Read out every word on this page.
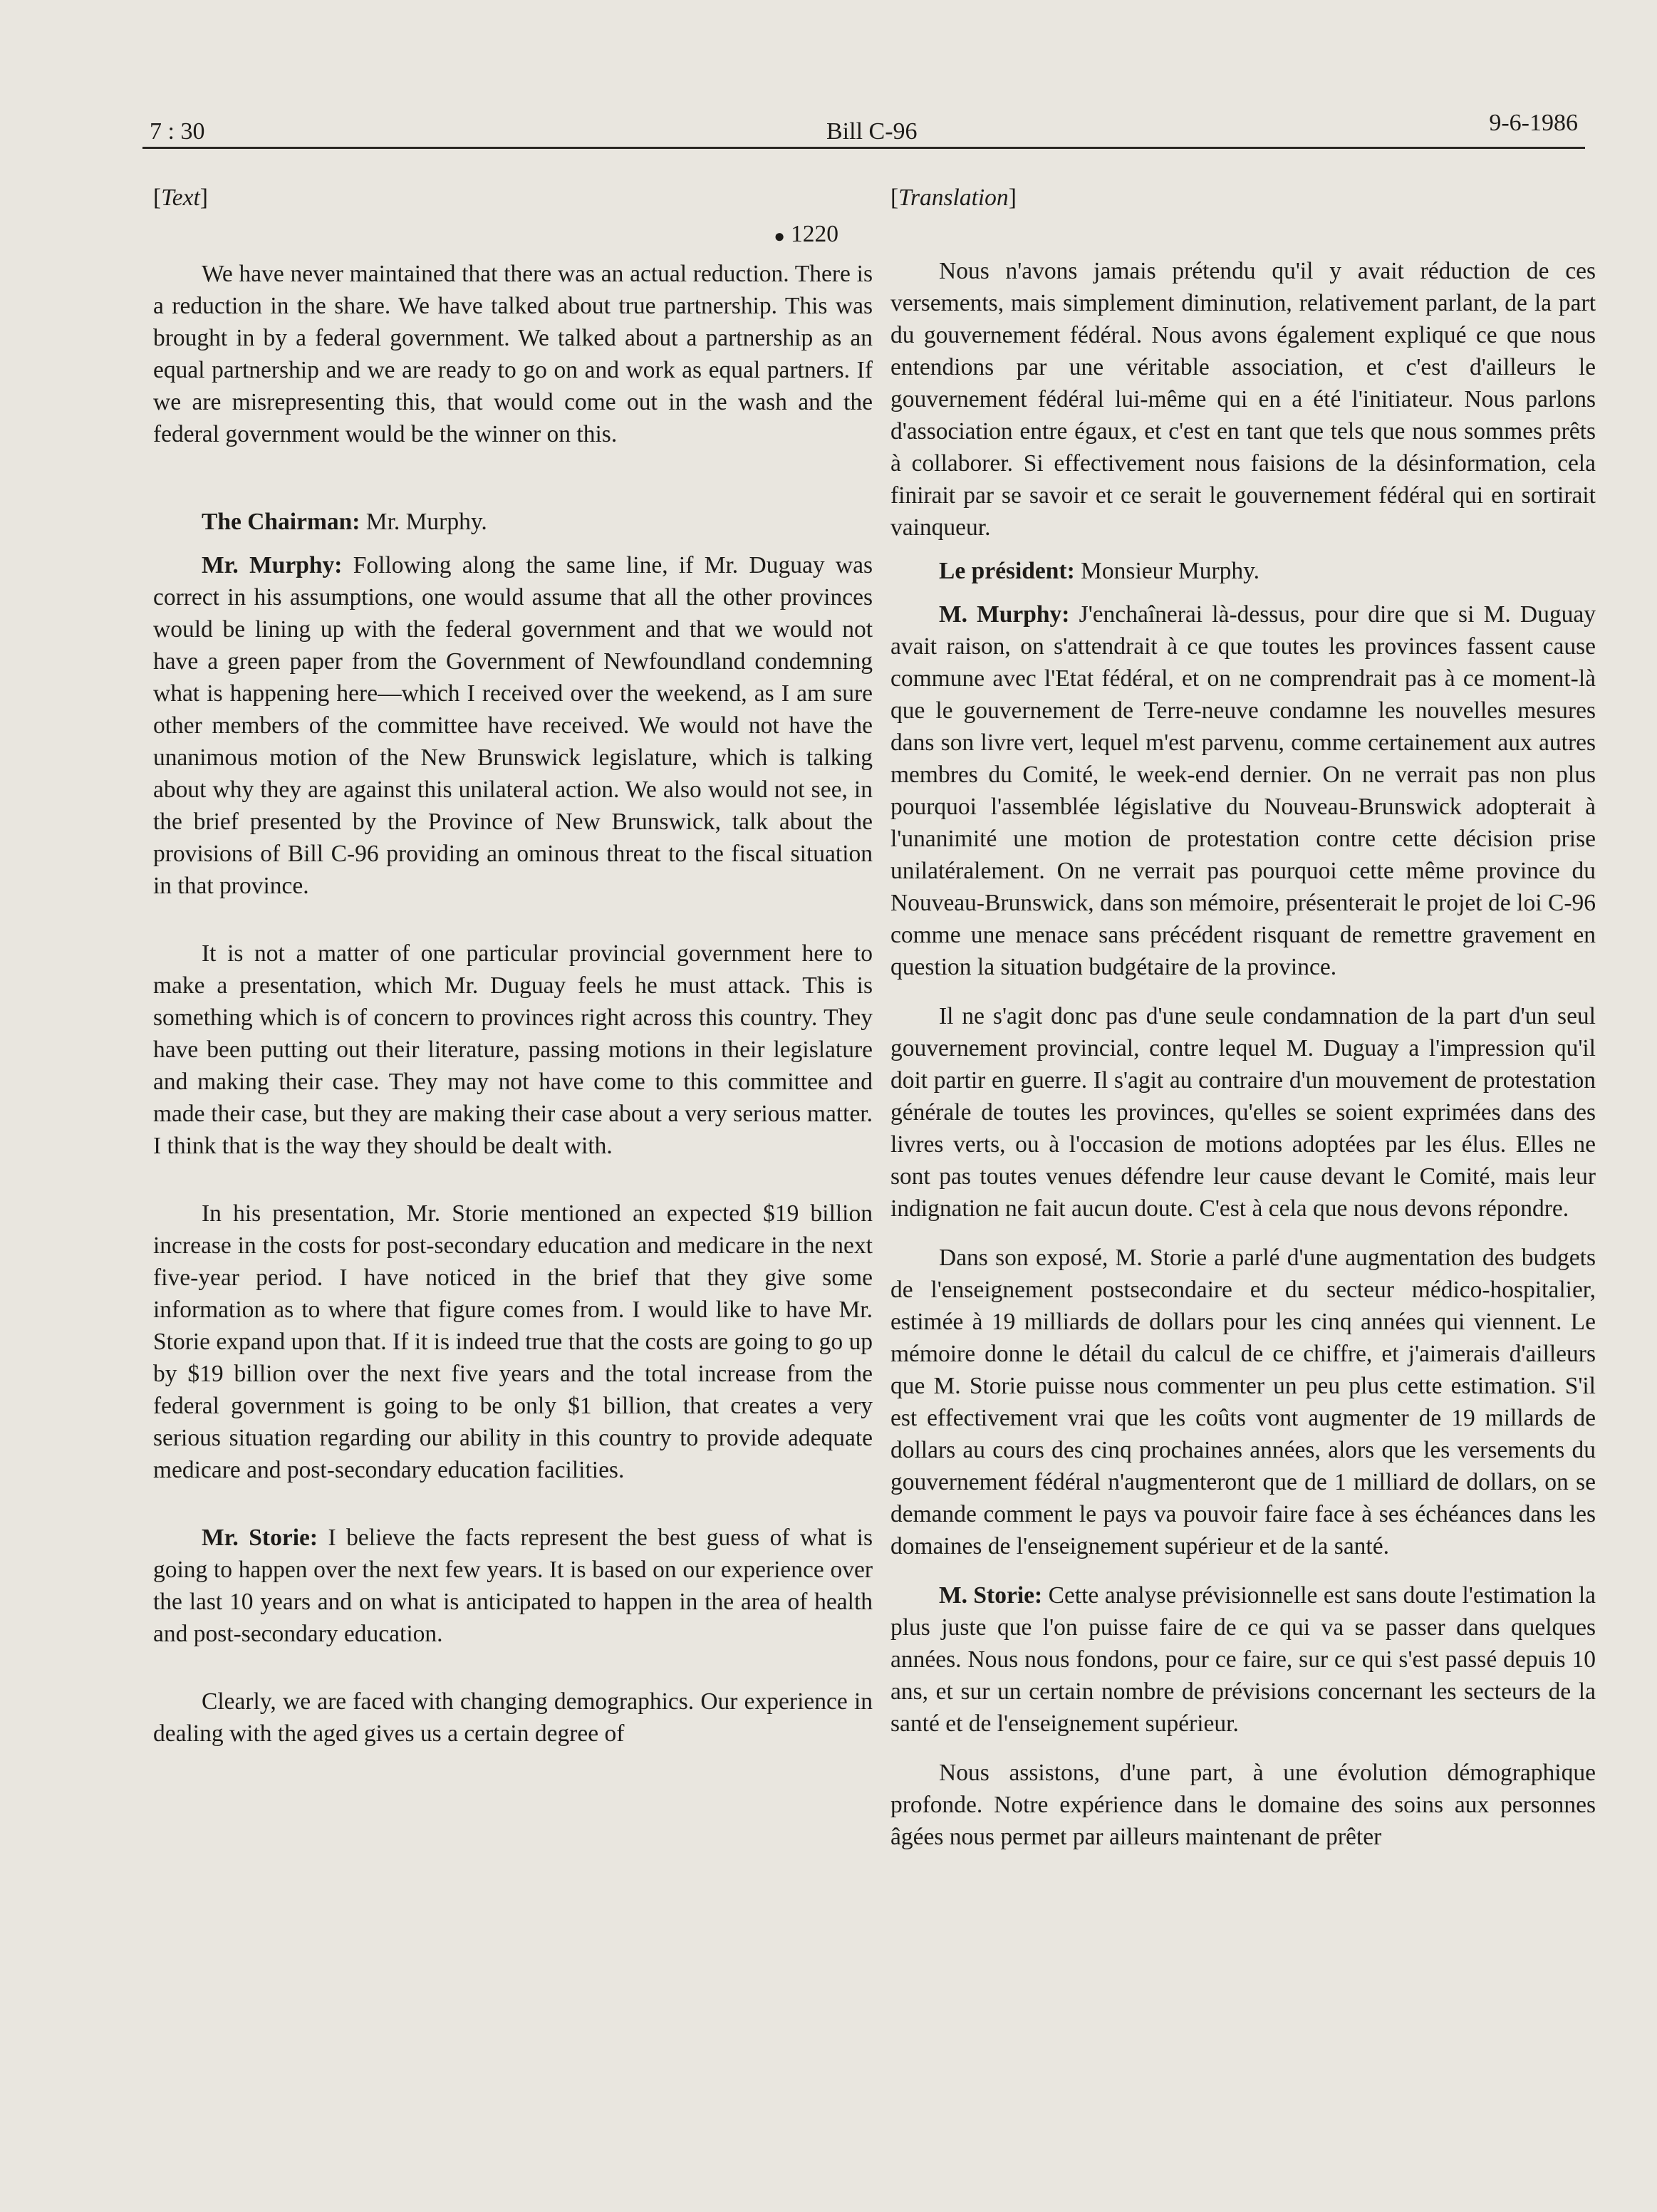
7 : 30	Bill C-96	9-6-1986
[Text]
● 1220

We have never maintained that there was an actual reduction. There is a reduction in the share. We have talked about true partnership. This was brought in by a federal government. We talked about a partnership as an equal partnership and we are ready to go on and work as equal partners. If we are misrepresenting this, that would come out in the wash and the federal government would be the winner on this.

The Chairman: Mr. Murphy.

Mr. Murphy: Following along the same line, if Mr. Duguay was correct in his assumptions, one would assume that all the other provinces would be lining up with the federal government and that we would not have a green paper from the Government of Newfoundland condemning what is happening here—which I received over the weekend, as I am sure other members of the committee have received. We would not have the unanimous motion of the New Brunswick legislature, which is talking about why they are against this unilateral action. We also would not see, in the brief presented by the Province of New Brunswick, talk about the provisions of Bill C-96 providing an ominous threat to the fiscal situation in that province.

It is not a matter of one particular provincial government here to make a presentation, which Mr. Duguay feels he must attack. This is something which is of concern to provinces right across this country. They have been putting out their literature, passing motions in their legislature and making their case. They may not have come to this committee and made their case, but they are making their case about a very serious matter. I think that is the way they should be dealt with.

In his presentation, Mr. Storie mentioned an expected $19 billion increase in the costs for post-secondary education and medicare in the next five-year period. I have noticed in the brief that they give some information as to where that figure comes from. I would like to have Mr. Storie expand upon that. If it is indeed true that the costs are going to go up by $19 billion over the next five years and the total increase from the federal government is going to be only $1 billion, that creates a very serious situation regarding our ability in this country to provide adequate medicare and post-secondary education facilities.

Mr. Storie: I believe the facts represent the best guess of what is going to happen over the next few years. It is based on our experience over the last 10 years and on what is anticipated to happen in the area of health and post-secondary education.

Clearly, we are faced with changing demographics. Our experience in dealing with the aged gives us a certain degree of

[Translation]

Nous n'avons jamais prétendu qu'il y avait réduction de ces versements, mais simplement diminution, relativement parlant, de la part du gouvernement fédéral. Nous avons également expliqué ce que nous entendions par une véritable association, et c'est d'ailleurs le gouvernement fédéral lui-même qui en a été l'initiateur. Nous parlons d'association entre égaux, et c'est en tant que tels que nous sommes prêts à collaborer. Si effectivement nous faisions de la désinformation, cela finirait par se savoir et ce serait le gouvernement fédéral qui en sortirait vainqueur.

Le président: Monsieur Murphy.

M. Murphy: J'enchaînerai là-dessus, pour dire que si M. Duguay avait raison, on s'attendrait à ce que toutes les provinces fassent cause commune avec l'Etat fédéral, et on ne comprendrait pas à ce moment-là que le gouvernement de Terre-neuve condamne les nouvelles mesures dans son livre vert, lequel m'est parvenu, comme certainement aux autres membres du Comité, le week-end dernier. On ne verrait pas non plus pourquoi l'assemblée législative du Nouveau-Brunswick adopterait à l'unanimité une motion de protestation contre cette décision prise unilatéralement. On ne verrait pas pourquoi cette même province du Nouveau-Brunswick, dans son mémoire, présenterait le projet de loi C-96 comme une menace sans précédent risquant de remettre gravement en question la situation budgétaire de la province.

Il ne s'agit donc pas d'une seule condamnation de la part d'un seul gouvernement provincial, contre lequel M. Duguay a l'impression qu'il doit partir en guerre. Il s'agit au contraire d'un mouvement de protestation générale de toutes les provinces, qu'elles se soient exprimées dans des livres verts, ou à l'occasion de motions adoptées par les élus. Elles ne sont pas toutes venues défendre leur cause devant le Comité, mais leur indignation ne fait aucun doute. C'est à cela que nous devons répondre.

Dans son exposé, M. Storie a parlé d'une augmentation des budgets de l'enseignement postsecondaire et du secteur médico-hospitalier, estimée à 19 milliards de dollars pour les cinq années qui viennent. Le mémoire donne le détail du calcul de ce chiffre, et j'aimerais d'ailleurs que M. Storie puisse nous commenter un peu plus cette estimation. S'il est effectivement vrai que les coûts vont augmenter de 19 millards de dollars au cours des cinq prochaines années, alors que les versements du gouvernement fédéral n'augmenteront que de 1 milliard de dollars, on se demande comment le pays va pouvoir faire face à ses échéances dans les domaines de l'enseignement supérieur et de la santé.

M. Storie: Cette analyse prévisionnelle est sans doute l'estimation la plus juste que l'on puisse faire de ce qui va se passer dans quelques années. Nous nous fondons, pour ce faire, sur ce qui s'est passé depuis 10 ans, et sur un certain nombre de prévisions concernant les secteurs de la santé et de l'enseignement supérieur.

Nous assistons, d'une part, à une évolution démographique profonde. Notre expérience dans le domaine des soins aux personnes âgées nous permet par ailleurs maintenant de prêter
